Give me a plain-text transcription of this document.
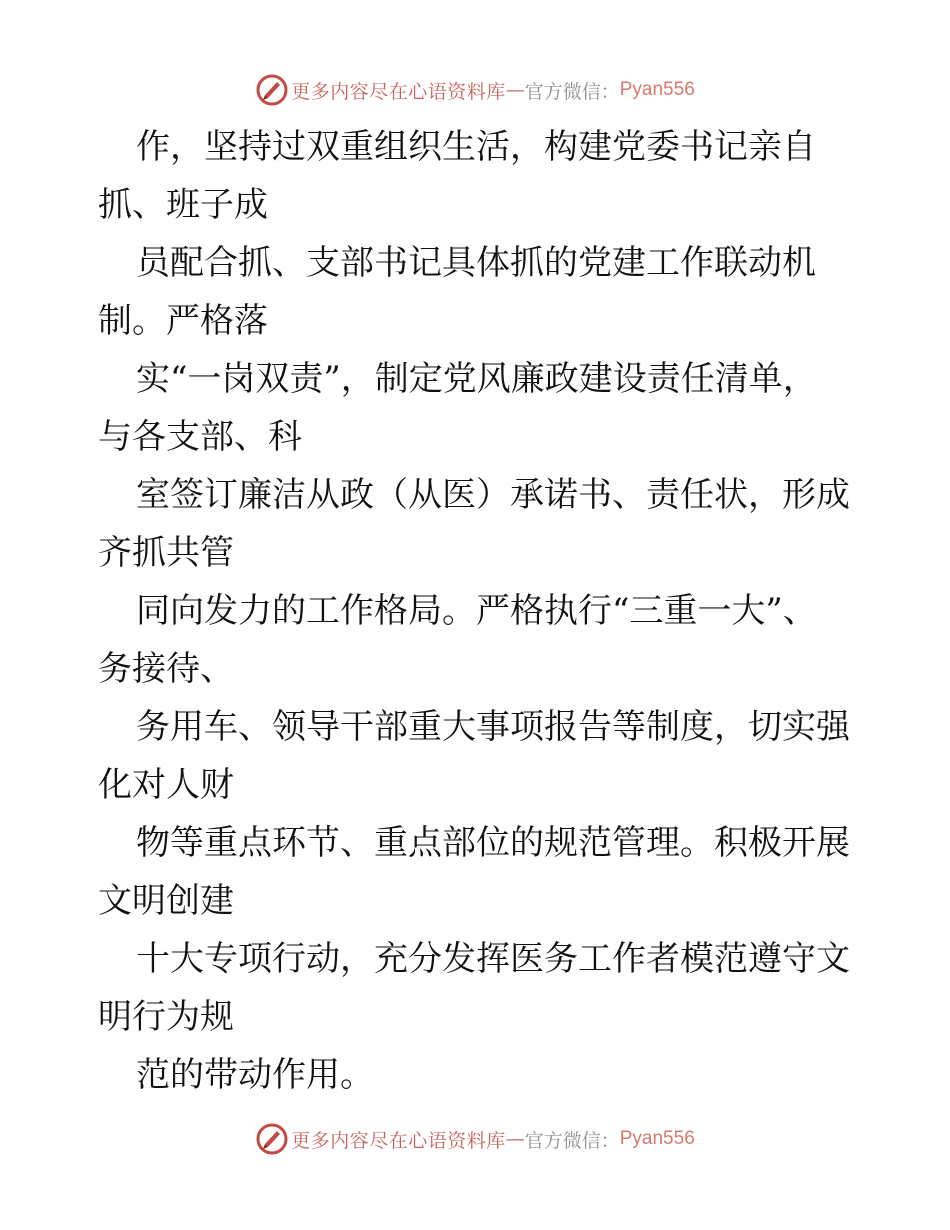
更多内容尽在心语资料库 — 官方微信： Pyan556
作，坚持过双重组织生活，构建党委书记亲自
抓、班子成
员配合抓、支部书记具体抓的党建工作联动机
制。严格落
实“一岗双责”，制定党风廉政建设责任清单，
与各支部、科
室签订廉洁从政（从医）承诺书、责任状，形成
齐抓共管
同向发力的工作格局。严格执行“三重一大”、
务接待、
务用车、领导干部重大事项报告等制度，切实强
化对人财
物等重点环节、重点部位的规范管理。积极开展
文明创建
十大专项行动，充分发挥医务工作者模范遵守文
明行为规
范的带动作用。
更多内容尽在心语资料库 — 官方微信： Pyan556
